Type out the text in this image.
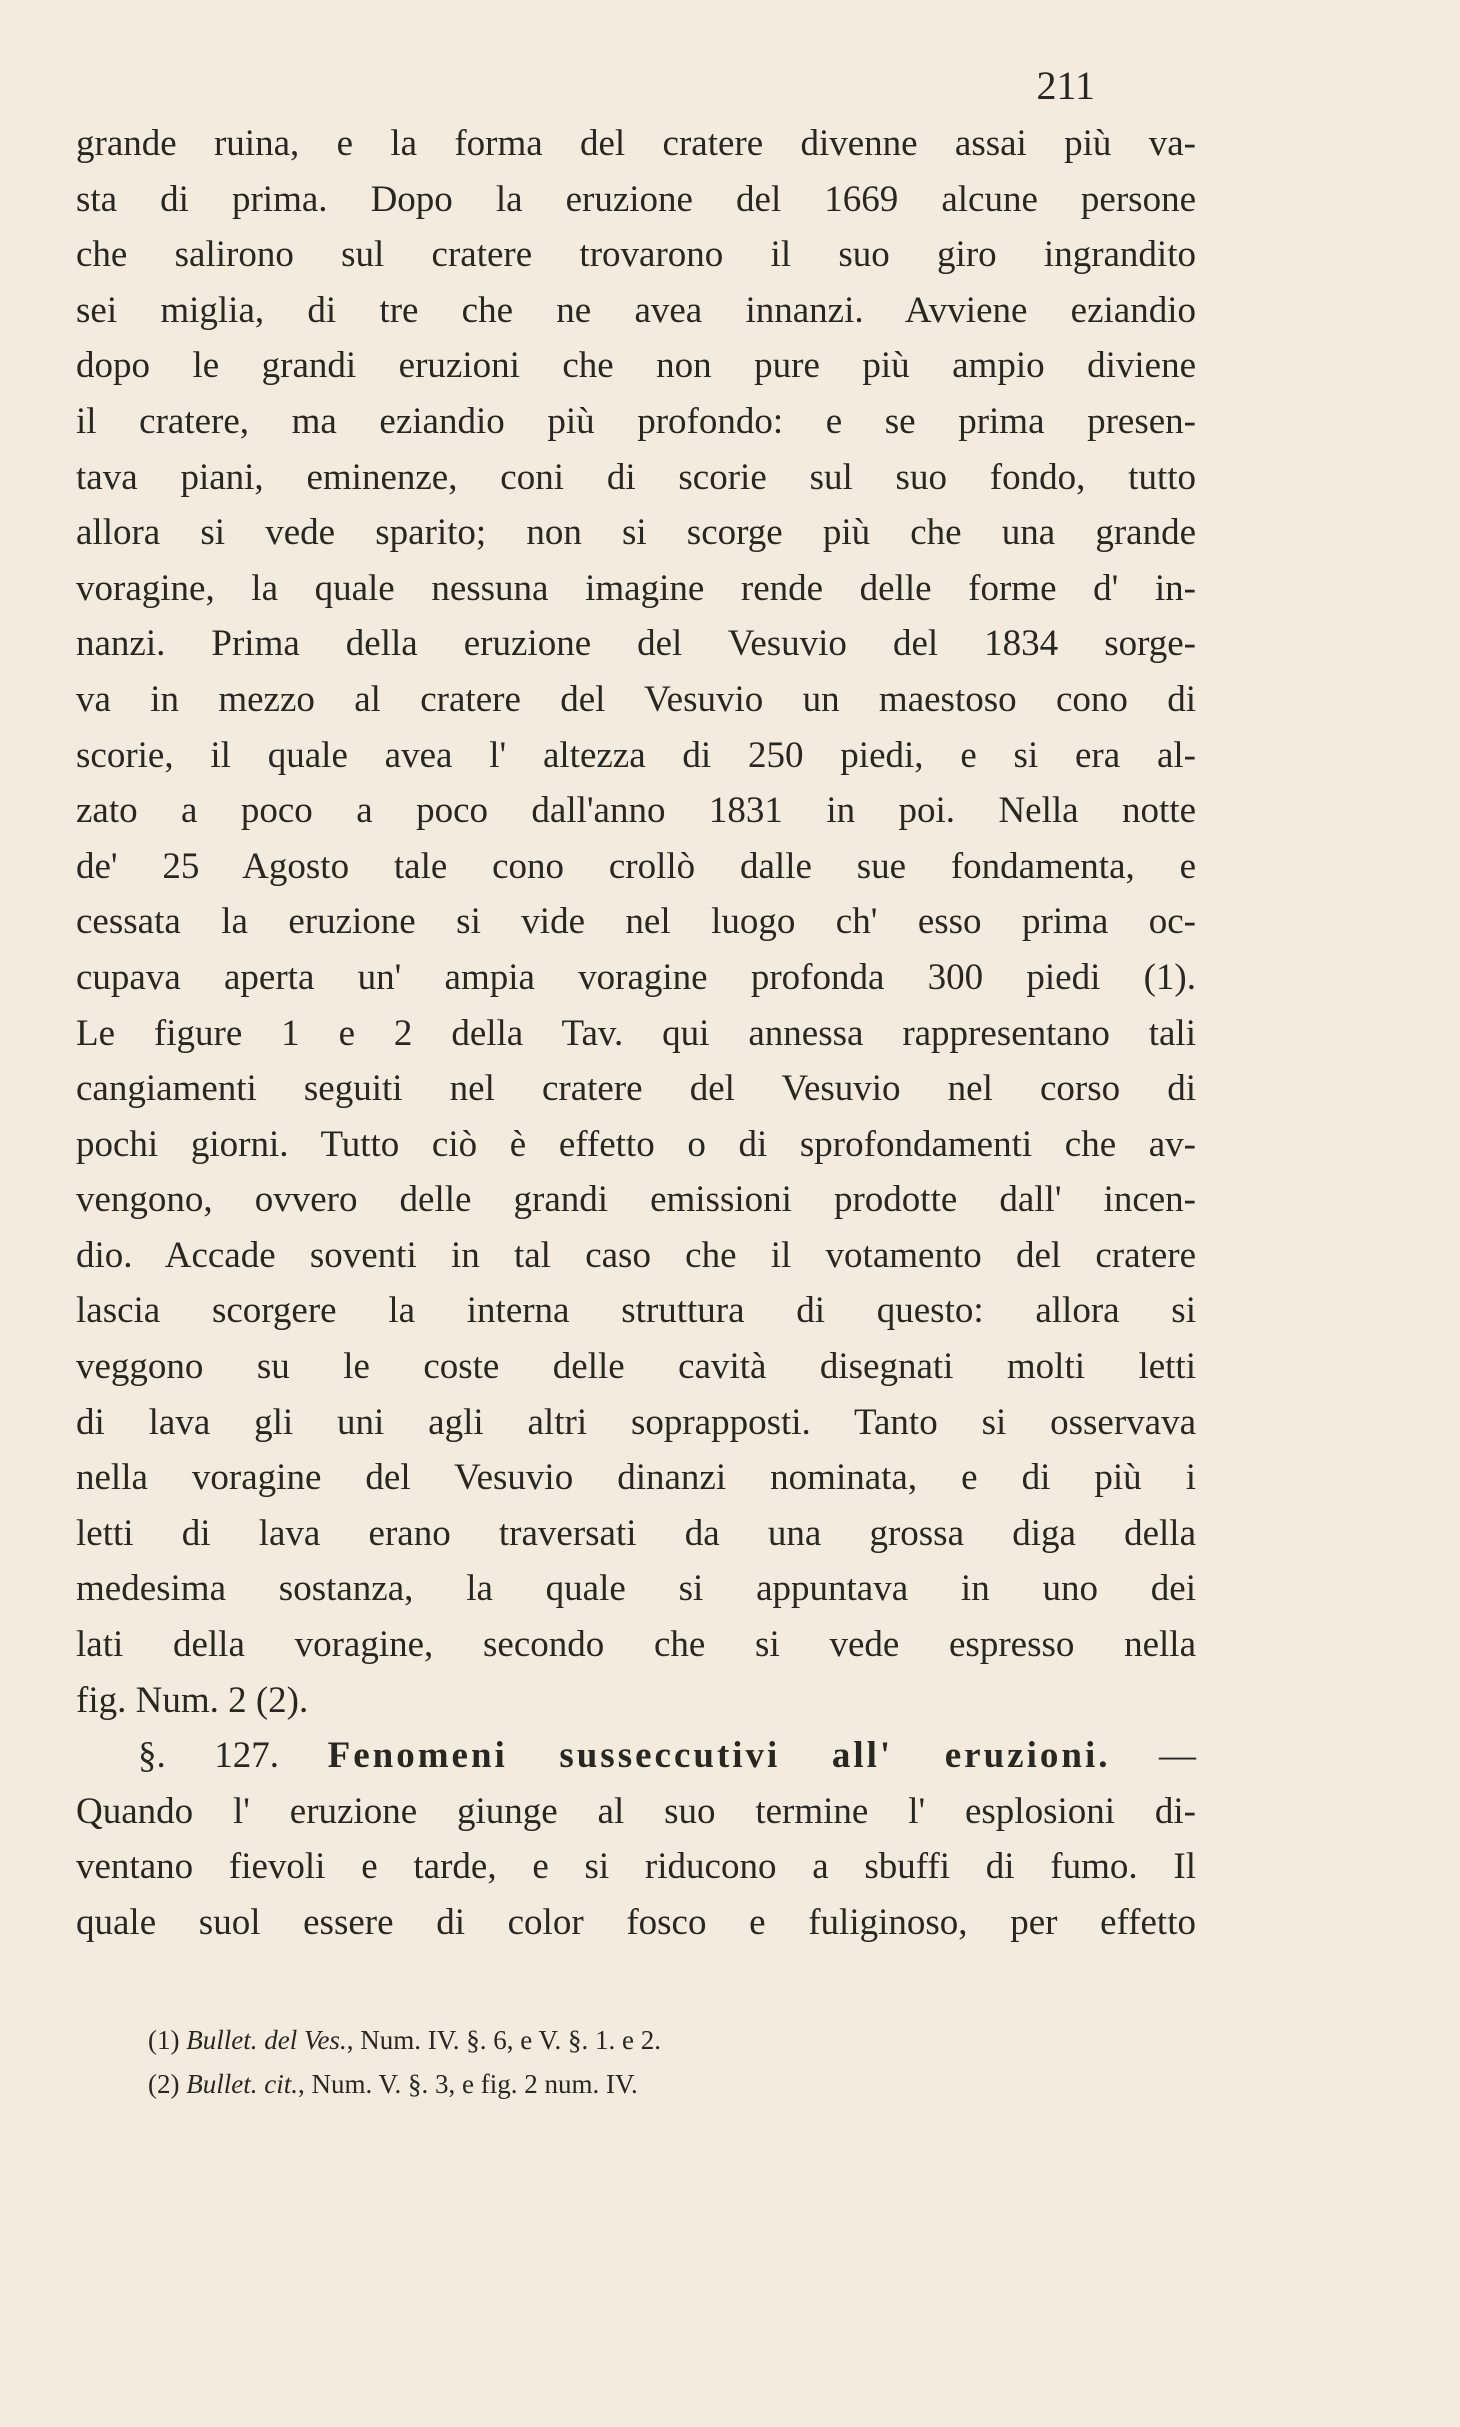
211
grande ruina, e la forma del cratere divenne assai più va-
sta di prima. Dopo la eruzione del 1669 alcune persone
che salirono sul cratere trovarono il suo giro ingrandito
sei miglia, di tre che ne avea innanzi. Avviene eziandio
dopo le grandi eruzioni che non pure più ampio diviene
il cratere, ma eziandio più profondo: e se prima presen-
tava piani, eminenze, coni di scorie sul suo fondo, tutto
allora si vede sparito; non si scorge più che una grande
voragine, la quale nessuna imagine rende delle forme d' in-
nanzi. Prima della eruzione del Vesuvio del 1834 sorge-
va in mezzo al cratere del Vesuvio un maestoso cono di
scorie, il quale avea l' altezza di 250 piedi, e si era al-
zato a poco a poco dall'anno 1831 in poi. Nella notte
de' 25 Agosto tale cono crollò dalle sue fondamenta, e
cessata la eruzione si vide nel luogo ch' esso prima oc-
cupava aperta un' ampia voragine profonda 300 piedi (1).
Le figure 1 e 2 della Tav. qui annessa rappresentano tali
cangiamenti seguiti nel cratere del Vesuvio nel corso di
pochi giorni. Tutto ciò è effetto o di sprofondamenti che av-
vengono, ovvero delle grandi emissioni prodotte dall' incen-
dio. Accade soventi in tal caso che il votamento del cratere
lascia scorgere la interna struttura di questo: allora si
veggono su le coste delle cavità disegnati molti letti
di lava gli uni agli altri soprapposti. Tanto si osservava
nella voragine del Vesuvio dinanzi nominata, e di più i
letti di lava erano traversati da una grossa diga della
medesima sostanza, la quale si appuntava in uno dei
lati della voragine, secondo che si vede espresso nella
fig. Num. 2 (2).
§. 127. Fenomeni susseccutivi all' eruzioni. —
Quando l' eruzione giunge al suo termine l' esplosioni di-
ventano fievoli e tarde, e si riducono a sbuffi di fumo. Il
quale suol essere di color fosco e fuliginoso, per effetto
(1) Bullet. del Ves., Num. IV. §. 6, e V. §. 1. e 2.
(2) Bullet. cit., Num. V. §. 3, e fig. 2 num. IV.
